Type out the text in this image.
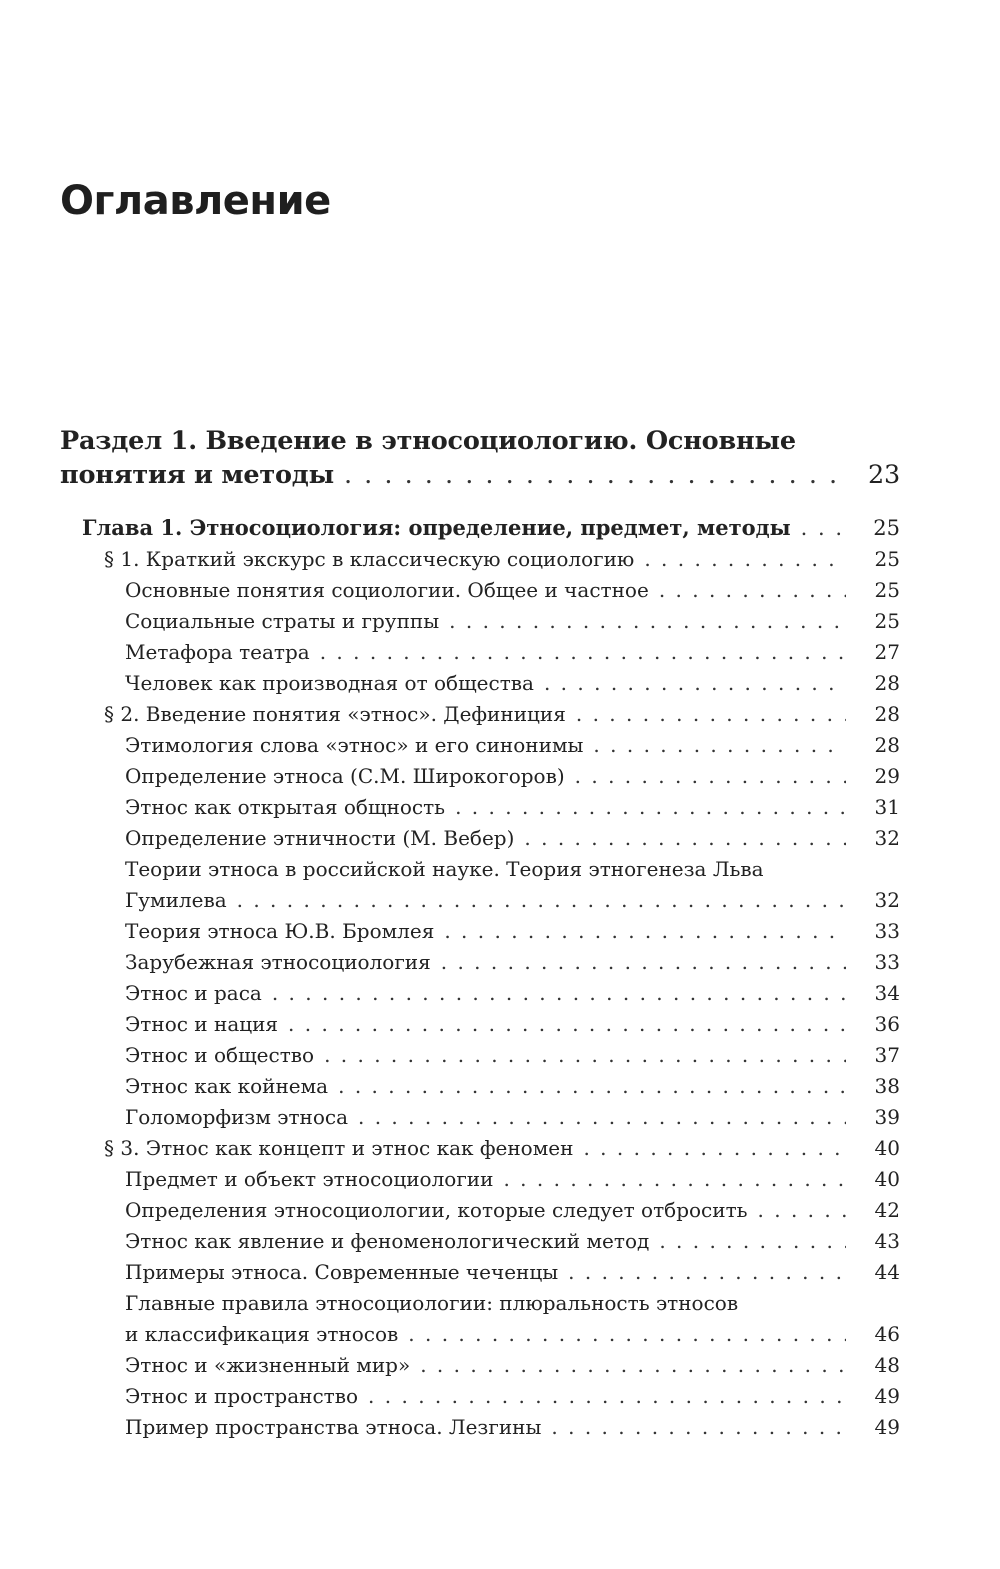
Оглавление
Раздел 1. Введение в этносоциологию. Основные
понятия и методы . . .	23
Глава 1. Этносоциология: определение, предмет, методы . . .	25
§ 1. Краткий экскурс в классическую социологию . . .	25
Основные понятия социологии. Общее и частное . . .	25
Социальные страты и группы . . .	25
Метафора театра . . .	27
Человек как производная от общества . . .	28
§ 2. Введение понятия «этнос». Дефиниция . . .	28
Этимология слова «этнос» и его синонимы . . .	28
Определение этноса (С.М. Широкогоров) . . .	29
Этнос как открытая общность . . .	31
Определение этничности (М. Вебер) . . .	32
Теории этноса в российской науке. Теория этногенеза Льва
Гумилева . . .	32
Теория этноса Ю.В. Бромлея . . .	33
Зарубежная этносоциология . . .	33
Этнос и раса . . .	34
Этнос и нация . . .	36
Этнос и общество . . .	37
Этнос как койнема . . .	38
Голоморфизм этноса . . .	39
§ 3. Этнос как концепт и этнос как феномен . . .	40
Предмет и объект этносоциологии . . .	40
Определения этносоциологии, которые следует отбросить . . .	42
Этнос как явление и феноменологический метод . . .	43
Примеры этноса. Современные чеченцы . . .	44
Главные правила этносоциологии: плюральность этносов
и классификация этносов . . .	46
Этнос и «жизненный мир» . . .	48
Этнос и пространство . . .	49
Пример пространства этноса. Лезгины . . .	49
